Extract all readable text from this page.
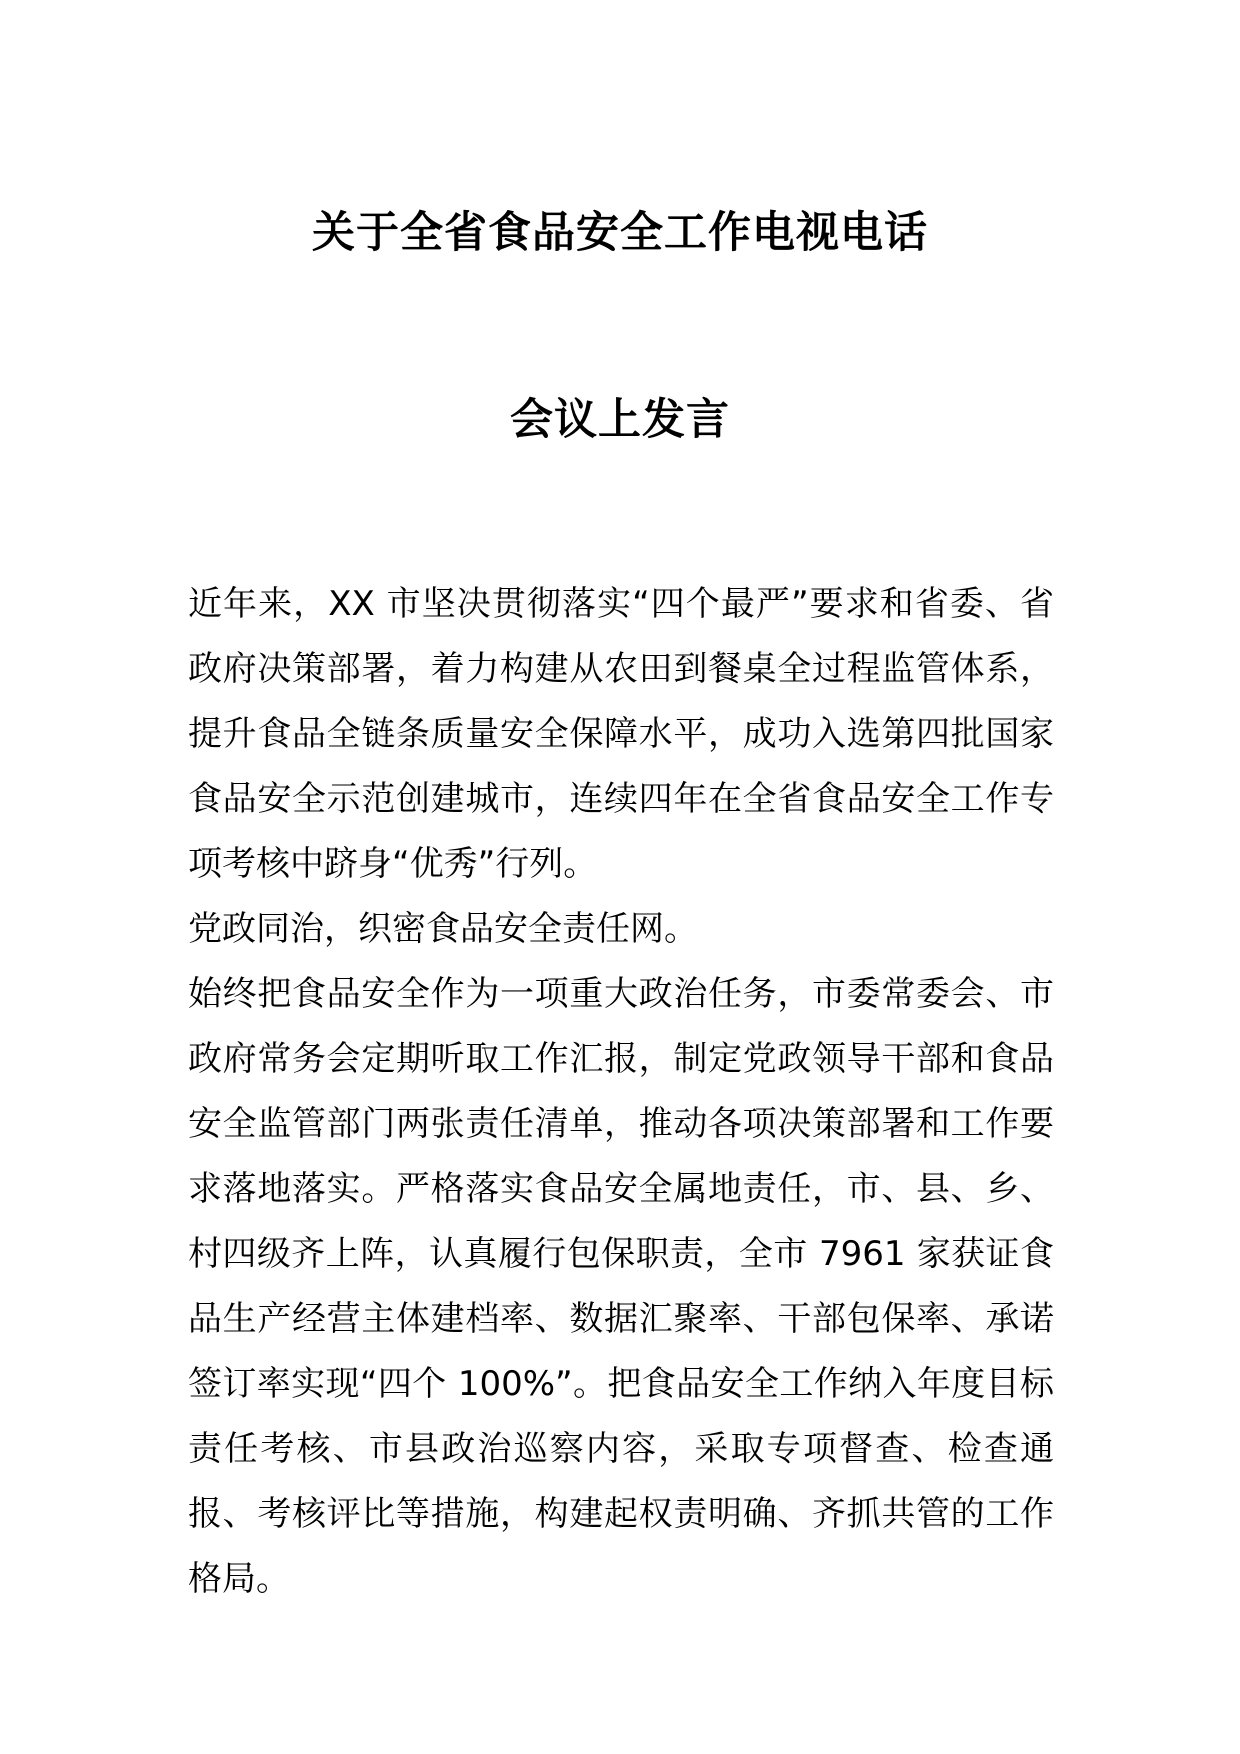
关于全省食品安全工作电视电话
会议上发言

近年来，XX 市坚决贯彻落实“四个最严”要求和省委、省政府决策部署，着力构建从农田到餐桌全过程监管体系，提升食品全链条质量安全保障水平，成功入选第四批国家食品安全示范创建城市，连续四年在全省食品安全工作专项考核中跻身“优秀”行列。

党政同治，织密食品安全责任网。

始终把食品安全作为一项重大政治任务，市委常委会、市政府常务会定期听取工作汇报，制定党政领导干部和食品安全监管部门两张责任清单，推动各项决策部署和工作要求落地落实。严格落实食品安全属地责任，市、县、乡、村四级齐上阵，认真履行包保职责，全市 7961 家获证食品生产经营主体建档率、数据汇聚率、干部包保率、承诺签订率实现“四个 100%”。把食品安全工作纳入年度目标责任考核、市县政治巡察内容，采取专项督查、检查通报、考核评比等措施，构建起权责明确、齐抓共管的工作格局。
